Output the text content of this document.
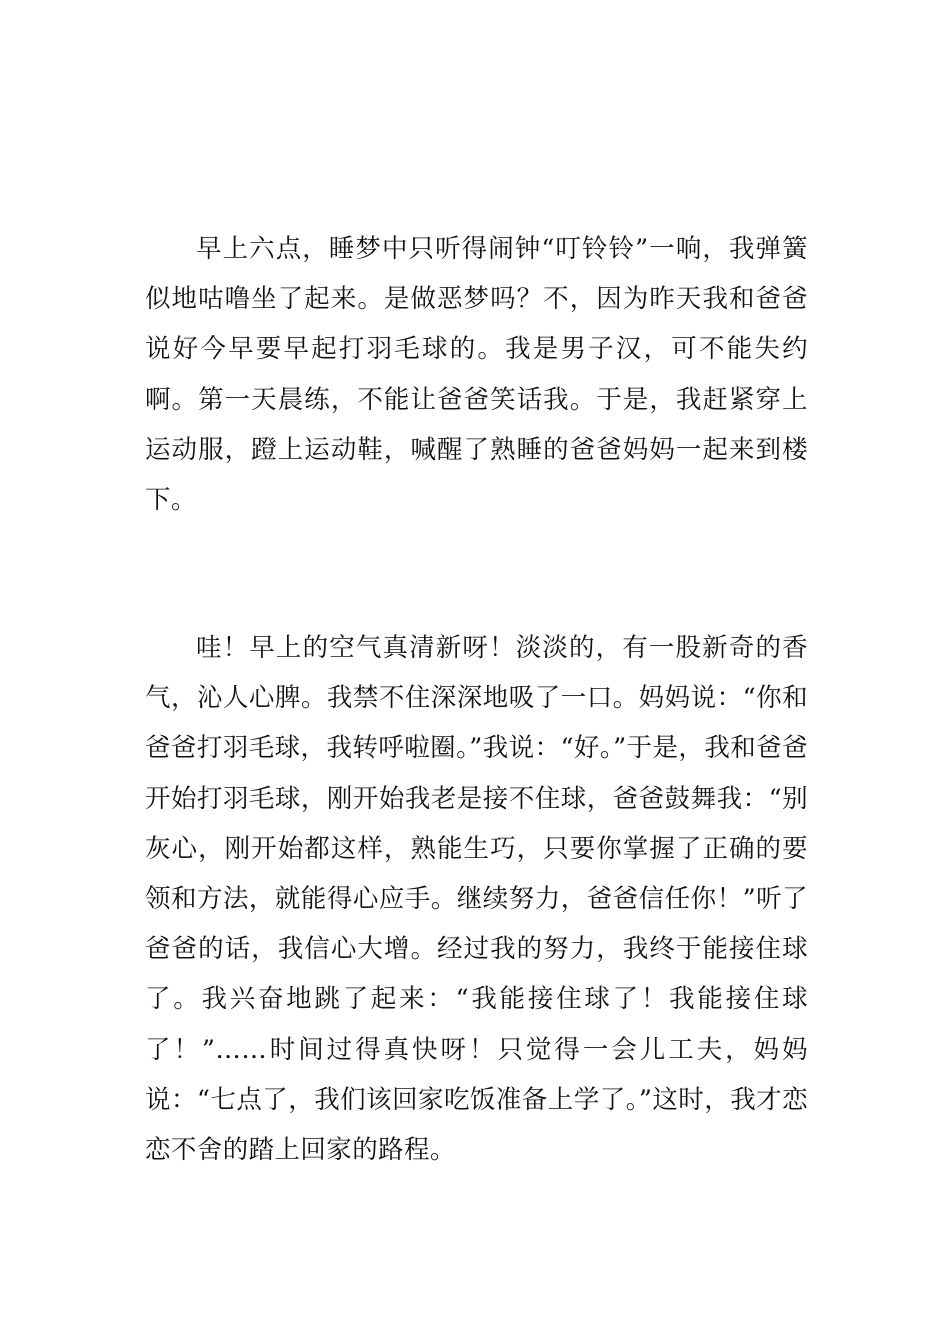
早上六点，睡梦中只听得闹钟“叮铃铃”一响，我弹簧似地咕噜坐了起来。是做恶梦吗？不，因为昨天我和爸爸说好今早要早起打羽毛球的。我是男子汉，可不能失约啊。第一天晨练，不能让爸爸笑话我。于是，我赶紧穿上运动服，蹬上运动鞋，喊醒了熟睡的爸爸妈妈一起来到楼下。

哇！早上的空气真清新呀！淡淡的，有一股新奇的香气，沁人心脾。我禁不住深深地吸了一口。妈妈说：“你和爸爸打羽毛球，我转呼啦圈。”我说：“好。”于是，我和爸爸开始打羽毛球，刚开始我老是接不住球，爸爸鼓舞我：“别灰心，刚开始都这样，熟能生巧，只要你掌握了正确的要领和方法，就能得心应手。继续努力，爸爸信任你！”听了爸爸的话，我信心大增。经过我的努力，我终于能接住球了。我兴奋地跳了起来：“我能接住球了！我能接住球了！”……时间过得真快呀！只觉得一会儿工夫，妈妈说：“七点了，我们该回家吃饭准备上学了。”这时，我才恋恋不舍的踏上回家的路程。
